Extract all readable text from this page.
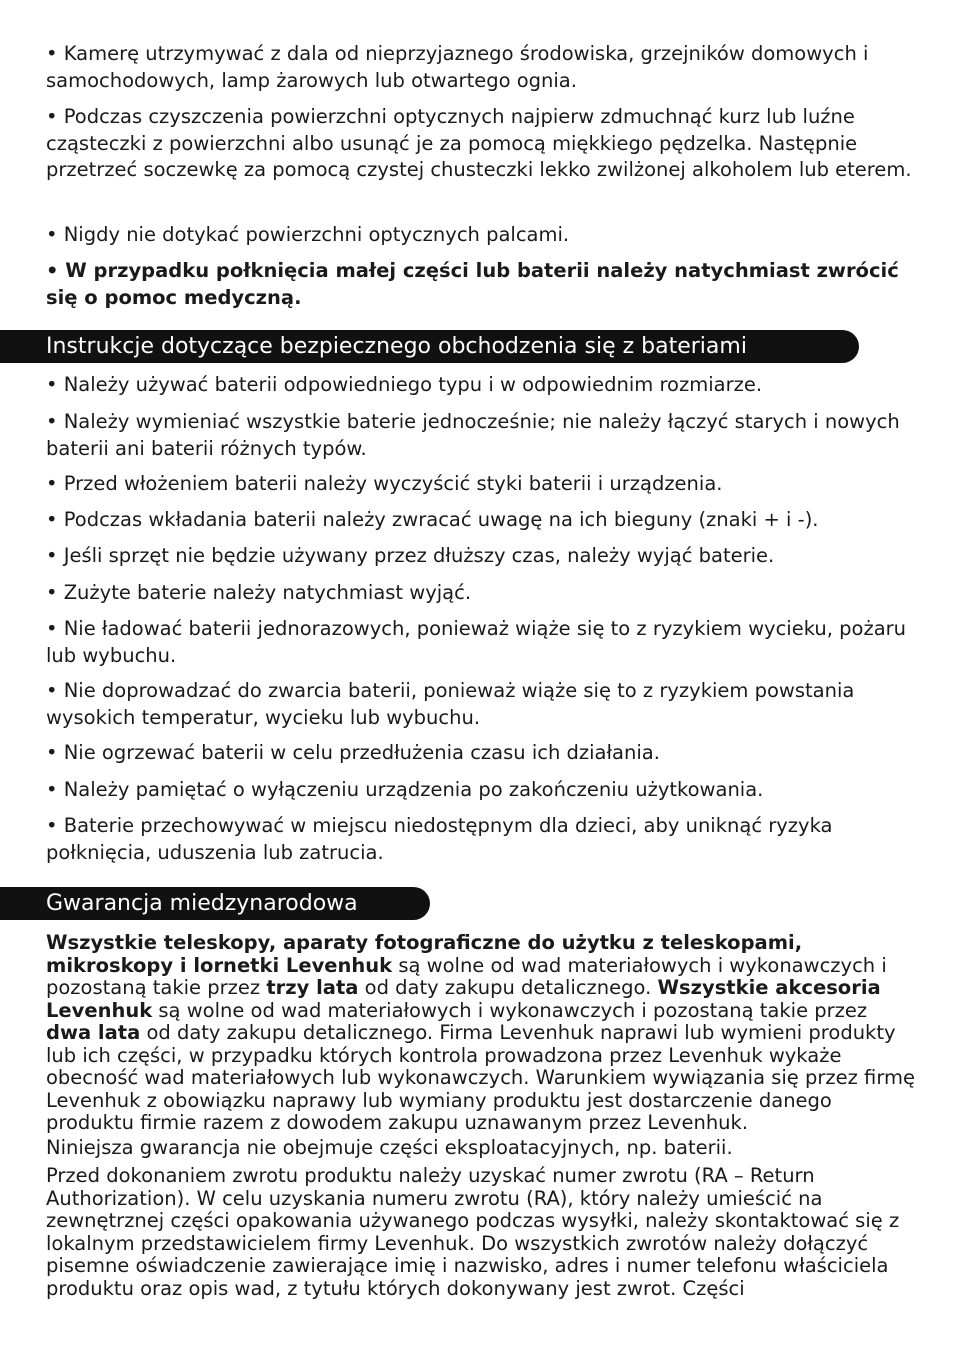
• Kamerę utrzymywać z dala od nieprzyjaznego środowiska, grzejników domowych i samochodowych, lamp żarowych lub otwartego ognia.

• Podczas czyszczenia powierzchni optycznych najpierw zdmuchnąć kurz lub luźne cząsteczki z powierzchni albo usunąć je za pomocą miękkiego pędzelka. Następnie przetrzeć soczewkę za pomocą czystej chusteczki lekko zwilżonej alkoholem lub eterem.

• Nigdy nie dotykać powierzchni optycznych palcami.

• W przypadku połknięcia małej części lub baterii należy natychmiast zwrócić się o pomoc medyczną.

Instrukcje dotyczące bezpiecznego obchodzenia się z bateriami

• Należy używać baterii odpowiedniego typu i w odpowiednim rozmiarze.

• Należy wymieniać wszystkie baterie jednocześnie; nie należy łączyć starych i nowych baterii ani baterii różnych typów.

• Przed włożeniem baterii należy wyczyścić styki baterii i urządzenia.

• Podczas wkładania baterii należy zwracać uwagę na ich bieguny (znaki + i -).

• Jeśli sprzęt nie będzie używany przez dłuższy czas, należy wyjąć baterie.

• Zużyte baterie należy natychmiast wyjąć.

• Nie ładować baterii jednorazowych, ponieważ wiąże się to z ryzykiem wycieku, pożaru lub wybuchu.

• Nie doprowadzać do zwarcia baterii, ponieważ wiąże się to z ryzykiem powstania wysokich temperatur, wycieku lub wybuchu.

• Nie ogrzewać baterii w celu przedłużenia czasu ich działania.

• Należy pamiętać o wyłączeniu urządzenia po zakończeniu użytkowania.

• Baterie przechowywać w miejscu niedostępnym dla dzieci, aby uniknąć ryzyka połknięcia, uduszenia lub zatrucia.

Gwarancja miedzynarodowa

Wszystkie teleskopy, aparaty fotograficzne do użytku z teleskopami, mikroskopy i lornetki Levenhuk są wolne od wad materiałowych i wykonawczych i pozostaną takie przez trzy lata od daty zakupu detalicznego. Wszystkie akcesoria Levenhuk są wolne od wad materiałowych i wykonawczych i pozostaną takie przez dwa lata od daty zakupu detalicznego. Firma Levenhuk naprawi lub wymieni produkty lub ich części, w przypadku których kontrola prowadzona przez Levenhuk wykaże obecność wad materiałowych lub wykonawczych. Warunkiem wywiązania się przez firmę Levenhuk z obowiązku naprawy lub wymiany produktu jest dostarczenie danego produktu firmie razem z dowodem zakupu uznawanym przez Levenhuk.

Niniejsza gwarancja nie obejmuje części eksploatacyjnych, np. baterii.

Przed dokonaniem zwrotu produktu należy uzyskać numer zwrotu (RA – Return Authorization). W celu uzyskania numeru zwrotu (RA), który należy umieścić na zewnętrznej części opakowania używanego podczas wysyłki, należy skontaktować się z lokalnym przedstawicielem firmy Levenhuk. Do wszystkich zwrotów należy dołączyć pisemne oświadczenie zawierające imię i nazwisko, adres i numer telefonu właściciela produktu oraz opis wad, z tytułu których dokonywany jest zwrot. Części
